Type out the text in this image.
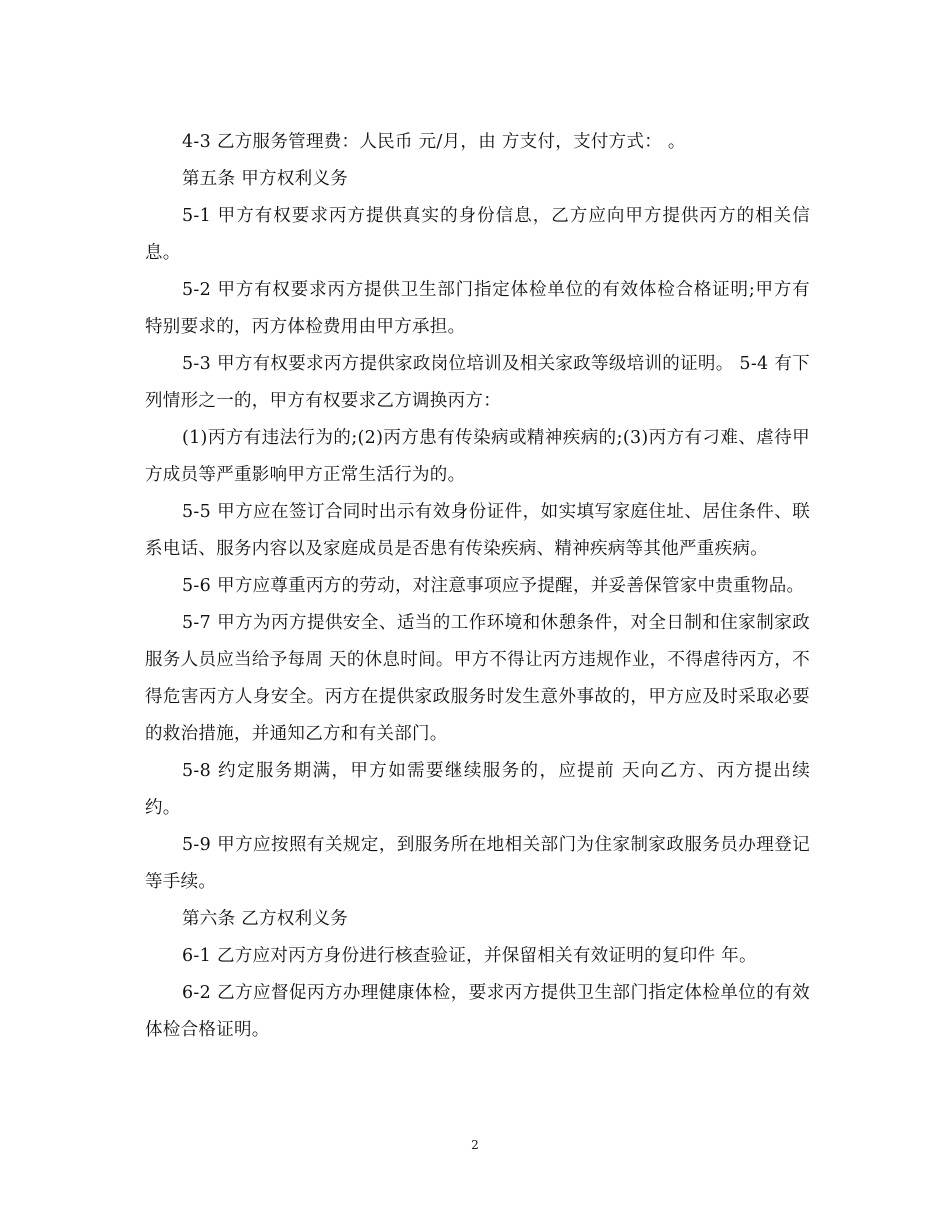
4-3 乙方服务管理费：人民币 元/月，由 方支付，支付方式： 。

第五条 甲方权利义务

5-1 甲方有权要求丙方提供真实的身份信息，乙方应向甲方提供丙方的相关信息。

5-2 甲方有权要求丙方提供卫生部门指定体检单位的有效体检合格证明;甲方有特别要求的，丙方体检费用由甲方承担。

5-3 甲方有权要求丙方提供家政岗位培训及相关家政等级培训的证明。 5-4 有下列情形之一的，甲方有权要求乙方调换丙方：

(1)丙方有违法行为的;(2)丙方患有传染病或精神疾病的;(3)丙方有刁难、虐待甲方成员等严重影响甲方正常生活行为的。

5-5 甲方应在签订合同时出示有效身份证件，如实填写家庭住址、居住条件、联系电话、服务内容以及家庭成员是否患有传染疾病、精神疾病等其他严重疾病。

5-6 甲方应尊重丙方的劳动，对注意事项应予提醒，并妥善保管家中贵重物品。

5-7 甲方为丙方提供安全、适当的工作环境和休憩条件，对全日制和住家制家政服务人员应当给予每周 天的休息时间。甲方不得让丙方违规作业，不得虐待丙方，不得危害丙方人身安全。丙方在提供家政服务时发生意外事故的，甲方应及时采取必要的救治措施，并通知乙方和有关部门。

5-8 约定服务期满，甲方如需要继续服务的，应提前 天向乙方、丙方提出续约。

5-9 甲方应按照有关规定，到服务所在地相关部门为住家制家政服务员办理登记等手续。

第六条 乙方权利义务

6-1 乙方应对丙方身份进行核查验证，并保留相关有效证明的复印件 年。

6-2 乙方应督促丙方办理健康体检，要求丙方提供卫生部门指定体检单位的有效体检合格证明。

2
